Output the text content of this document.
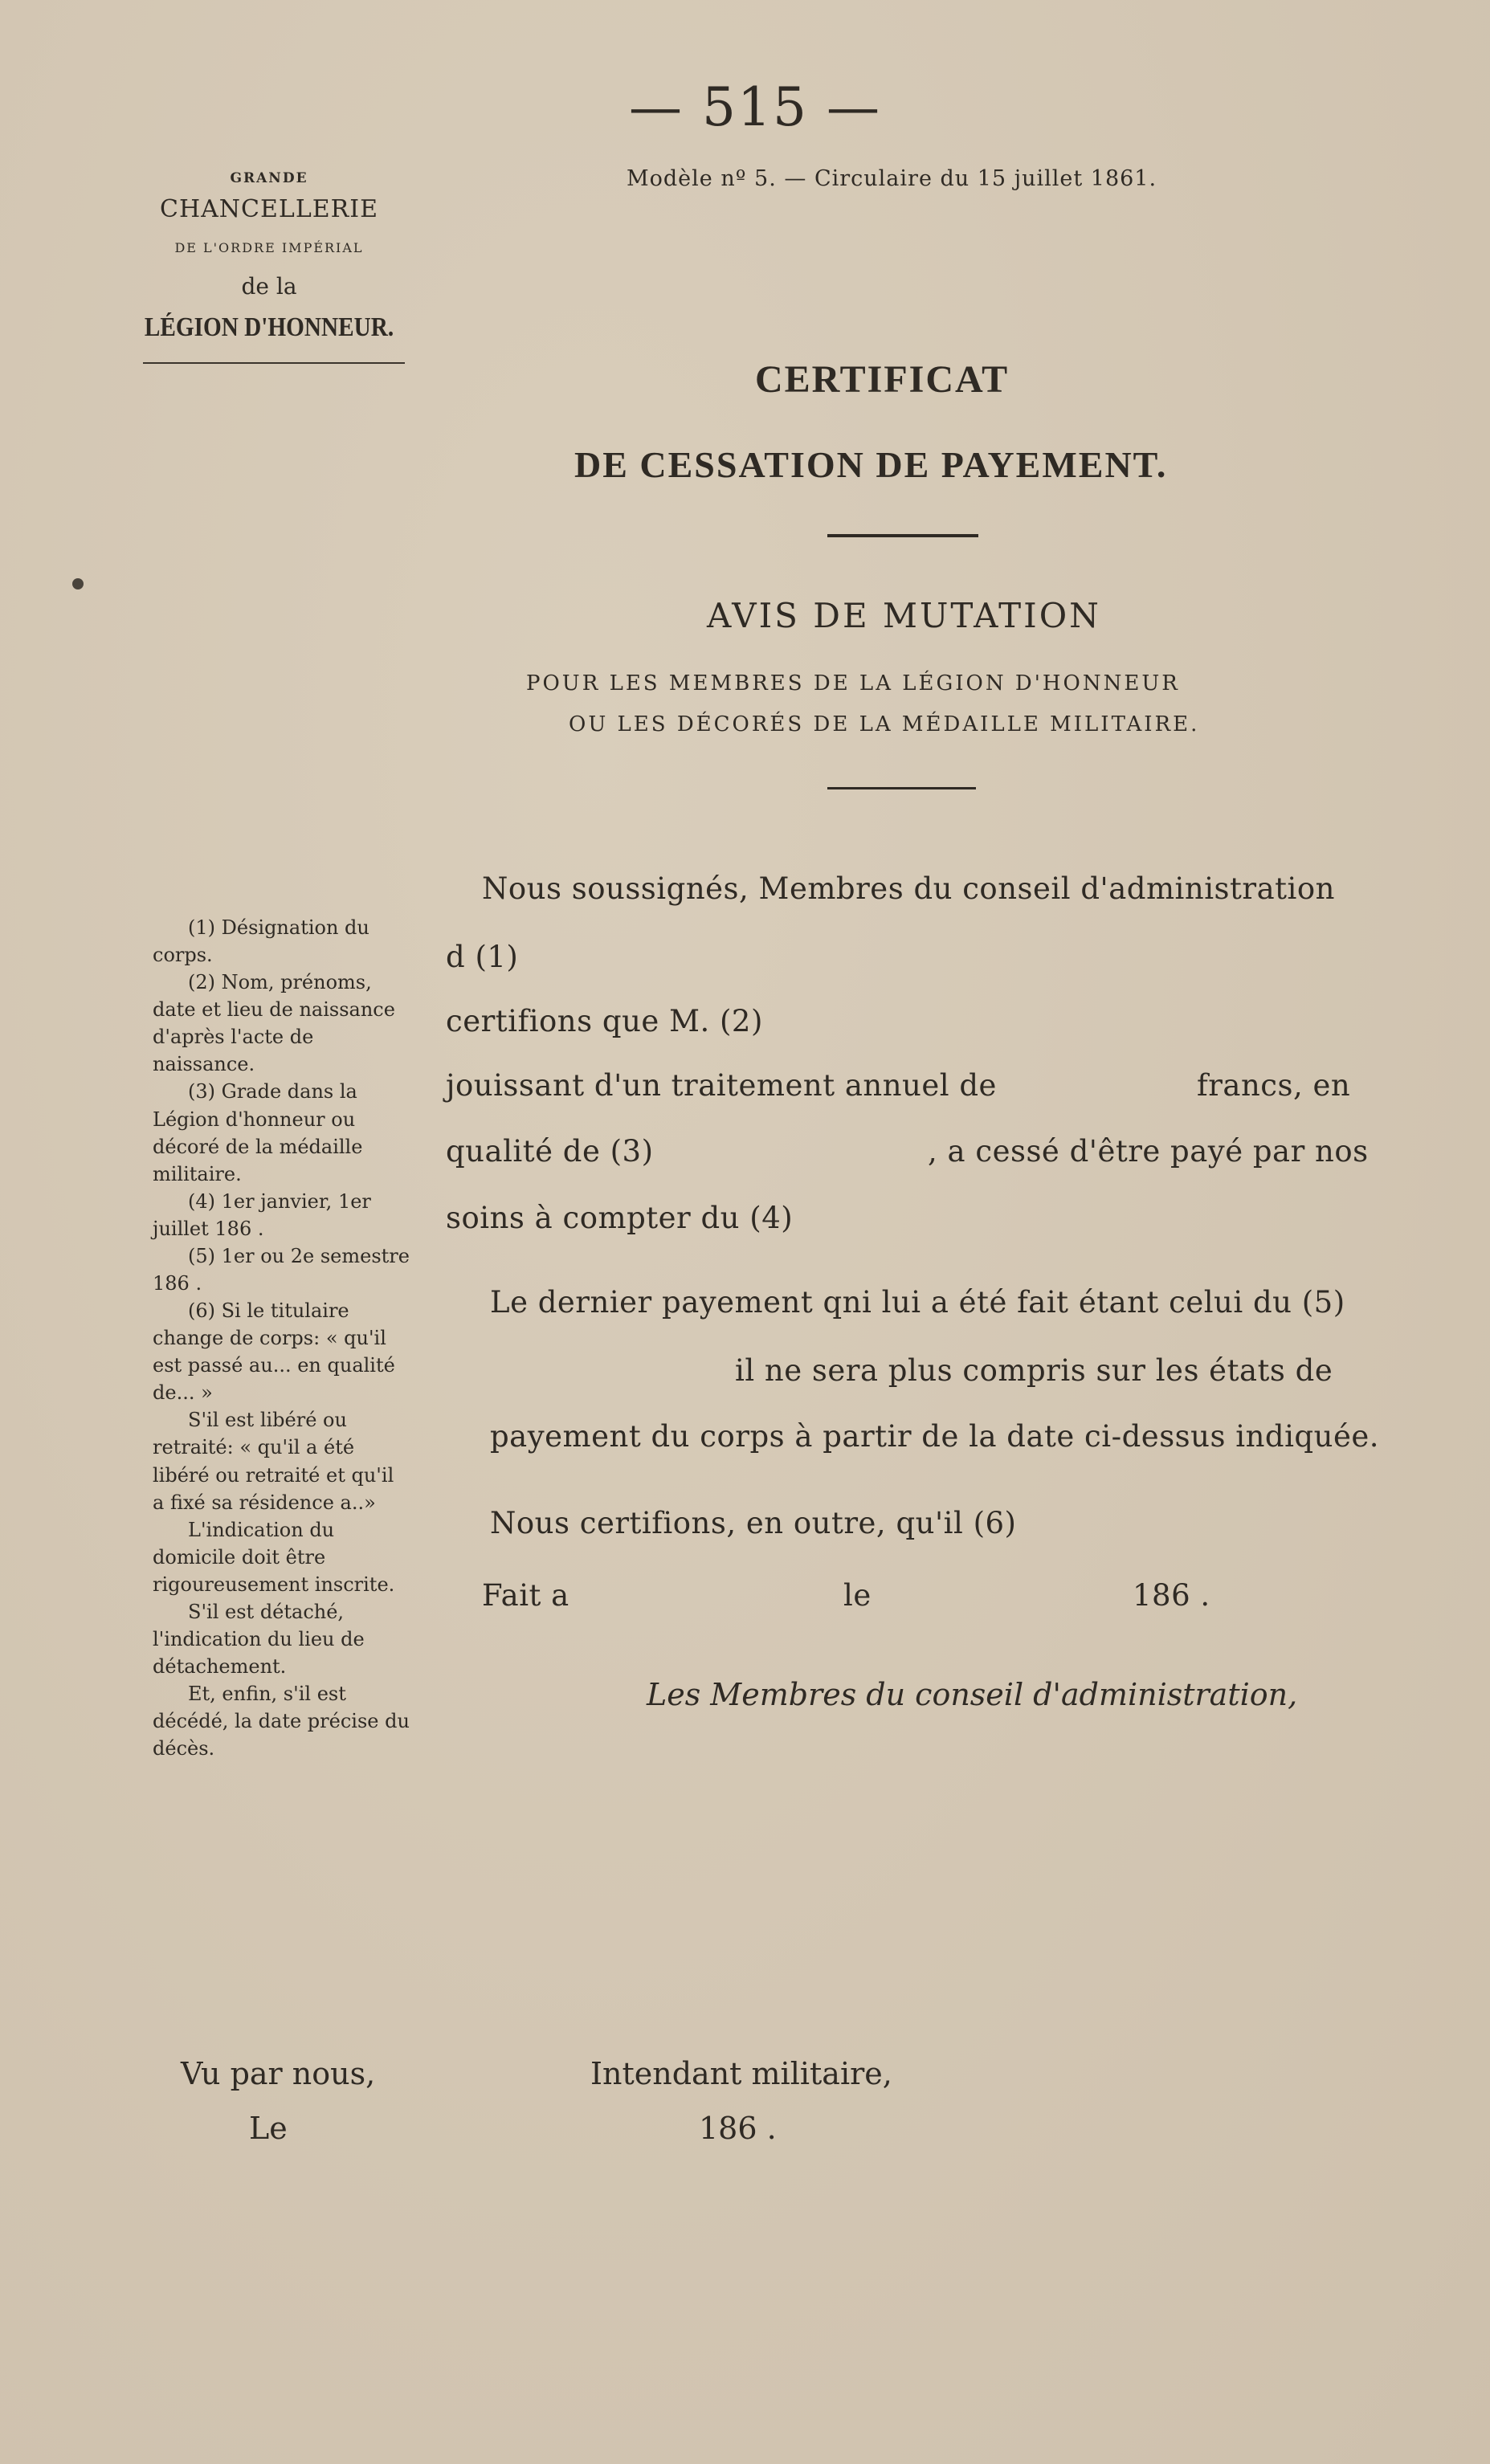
— 515 —
Modèle nº 5. — Circulaire du 15 juillet 1861.
GRANDE
CHANCELLERIE
DE L'ORDRE IMPÉRIAL
de la
LÉGION D'HONNEUR.
CERTIFICAT
DE CESSATION DE PAYEMENT.
AVIS DE MUTATION
POUR LES MEMBRES DE LA LÉGION D'HONNEUR
OU LES DÉCORÉS DE LA MÉDAILLE MILITAIRE.
Nous soussignés, Membres du conseil d'administration
d (1)
certifions que M. (2)
jouissant d'un traitement annuel de	francs, en
qualité de (3)	, a cessé d'être payé par nos
soins à compter du (4)
Le dernier payement qni lui a été fait étant celui du (5)
il ne sera plus compris sur les états de
payement du corps à partir de la date ci-dessus indiquée.
Nous certifions, en outre, qu'il (6)
Fait a	le	186 .
Les Membres du conseil d'administration,

(1) Désignation du corps.

(2) Nom, prénoms, date et lieu de naissance d'après l'acte de naissance.

(3) Grade dans la Légion d'honneur ou décoré de la médaille militaire.

(4) 1er janvier, 1er juillet 186 .

(5) 1er ou 2e semestre 186 .

(6) Si le titulaire change de corps: « qu'il est passé au... en qualité de... »

S'il est libéré ou retraité: « qu'il a été libéré ou retraité et qu'il a fixé sa résidence a..»

L'indication du domicile doit être rigoureusement inscrite.

S'il est détaché, l'indication du lieu de détachement.

Et, enfin, s'il est décédé, la date précise du décès.

Vu par nous,
Le
Intendant militaire,
186 .
